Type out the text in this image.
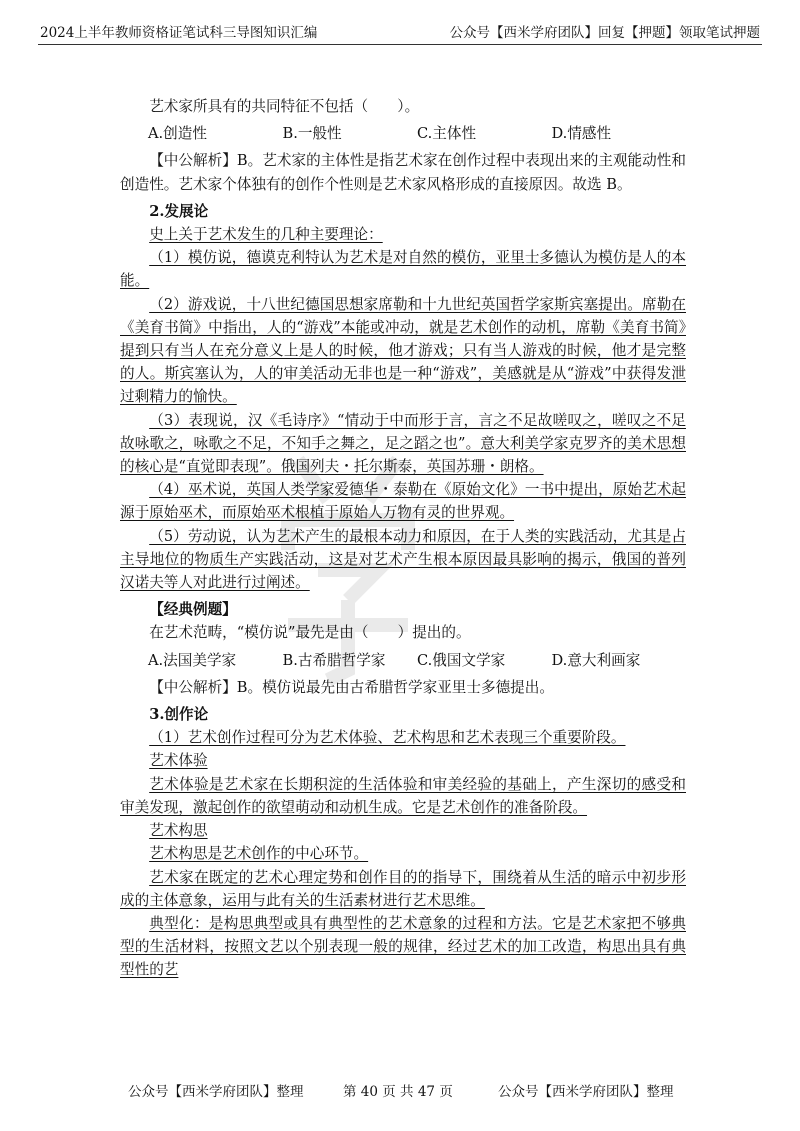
2024上半年教师资格证笔试科三导图知识汇编	公众号【西米学府团队】回复【押题】领取笔试押题
艺术家所具有的共同特征不包括（　　）。
A.创造性	B.一般性	C.主体性	D.情感性
【中公解析】B。艺术家的主体性是指艺术家在创作过程中表现出来的主观能动性和创造性。艺术家个体独有的创作个性则是艺术家风格形成的直接原因。故选 B。
2.发展论
史上关于艺术发生的几种主要理论：
（1）模仿说，德谟克利特认为艺术是对自然的模仿，亚里士多德认为模仿是人的本能。
（2）游戏说，十八世纪德国思想家席勒和十九世纪英国哲学家斯宾塞提出。席勒在《美育书简》中指出，人的“游戏”本能或冲动，就是艺术创作的动机，席勒《美育书简》提到只有当人在充分意义上是人的时候，他才游戏；只有当人游戏的时候，他才是完整的人。斯宾塞认为，人的审美活动无非也是一种“游戏”，美感就是从“游戏”中获得发泄过剩精力的愉快。
（3）表现说，汉《毛诗序》“情动于中而形于言，言之不足故嗟叹之，嗟叹之不足故咏歌之，咏歌之不足，不知手之舞之，足之蹈之也”。意大利美学家克罗齐的美术思想的核心是“直觉即表现”。俄国列夫・托尔斯泰，英国苏珊・朗格。
（4）巫术说，英国人类学家爱德华・泰勒在《原始文化》一书中提出，原始艺术起源于原始巫术，而原始巫术根植于原始人万物有灵的世界观。
（5）劳动说，认为艺术产生的最根本动力和原因，在于人类的实践活动，尤其是占主导地位的物质生产实践活动，这是对艺术产生根本原因最具影响的揭示，俄国的普列汉诺夫等人对此进行过阐述。
【经典例题】
在艺术范畴，“模仿说”最先是由（　　）提出的。
A.法国美学家	B.古希腊哲学家	C.俄国文学家	D.意大利画家
【中公解析】B。模仿说最先由古希腊哲学家亚里士多德提出。
3.创作论
（1）艺术创作过程可分为艺术体验、艺术构思和艺术表现三个重要阶段。
艺术体验
艺术体验是艺术家在长期积淀的生活体验和审美经验的基础上，产生深切的感受和审美发现，激起创作的欲望萌动和动机生成。它是艺术创作的准备阶段。
艺术构思
艺术构思是艺术创作的中心环节。
艺术家在既定的艺术心理定势和创作目的的指导下，围绕着从生活的暗示中初步形成的主体意象，运用与此有关的生活素材进行艺术思维。
典型化：是构思典型或具有典型性的艺术意象的过程和方法。它是艺术家把不够典型的生活材料，按照文艺以个别表现一般的规律，经过艺术的加工改造，构思出具有典型性的艺
公众号【西米学府团队】整理	第 40 页 共 47 页	公众号【西米学府团队】整理
